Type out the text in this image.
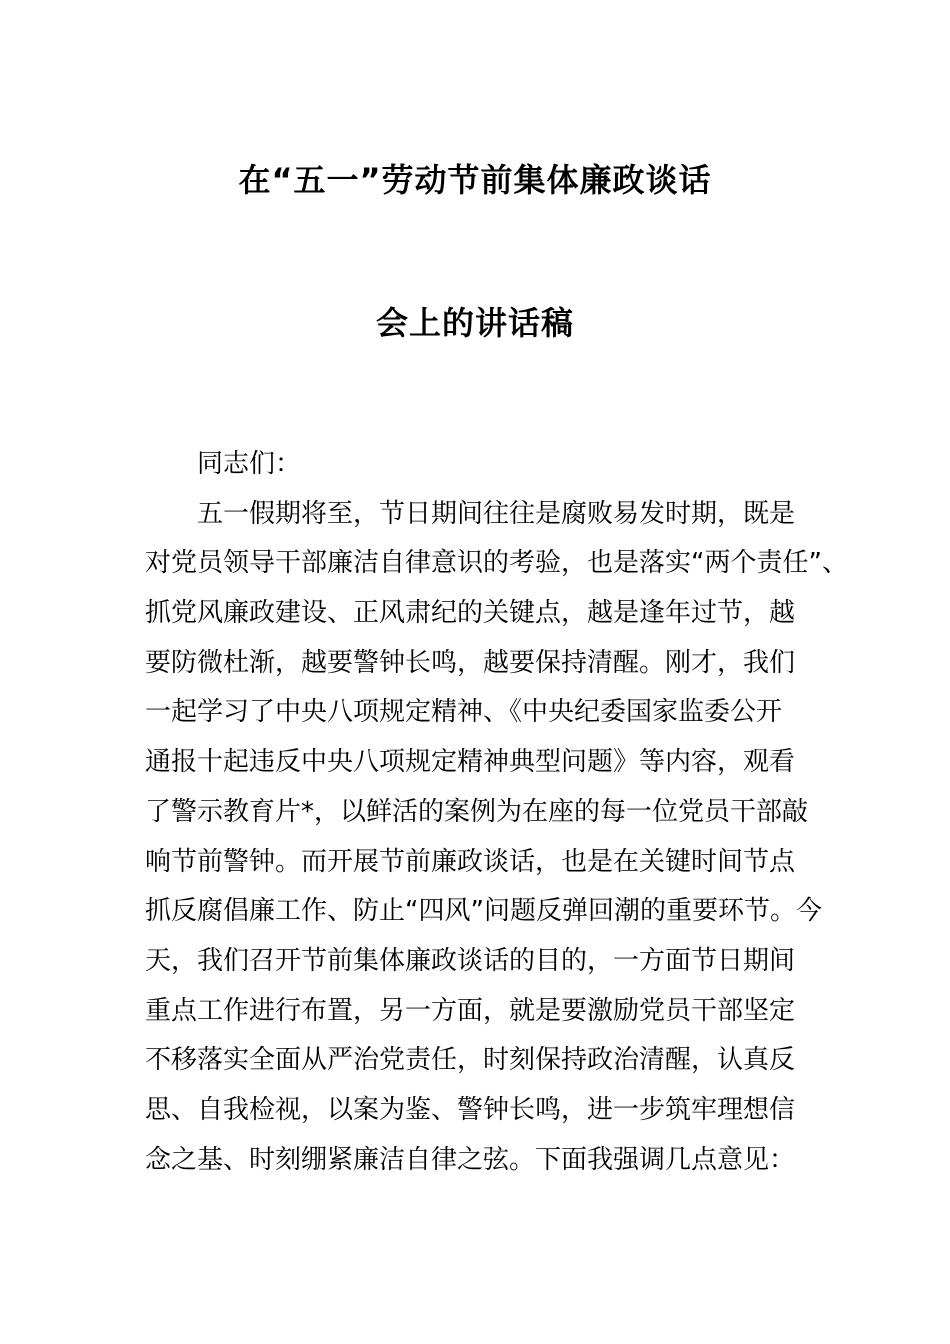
在“五一”劳动节前集体廉政谈话
会上的讲话稿
同志们：
五一假期将至，节日期间往往是腐败易发时期，既是
对党员领导干部廉洁自律意识的考验，也是落实“两个责任”、
抓党风廉政建设、正风肃纪的关键点，越是逢年过节，越
要防微杜渐，越要警钟长鸣，越要保持清醒。刚才，我们
一起学习了中央八项规定精神、《中央纪委国家监委公开
通报十起违反中央八项规定精神典型问题》等内容，观看
了警示教育片*，以鲜活的案例为在座的每一位党员干部敲
响节前警钟。而开展节前廉政谈话，也是在关键时间节点
抓反腐倡廉工作、防止“四风”问题反弹回潮的重要环节。今
天，我们召开节前集体廉政谈话的目的，一方面节日期间
重点工作进行布置，另一方面，就是要激励党员干部坚定
不移落实全面从严治党责任，时刻保持政治清醒，认真反
思、自我检视，以案为鉴、警钟长鸣，进一步筑牢理想信
念之基、时刻绷紧廉洁自律之弦。下面我强调几点意见：
